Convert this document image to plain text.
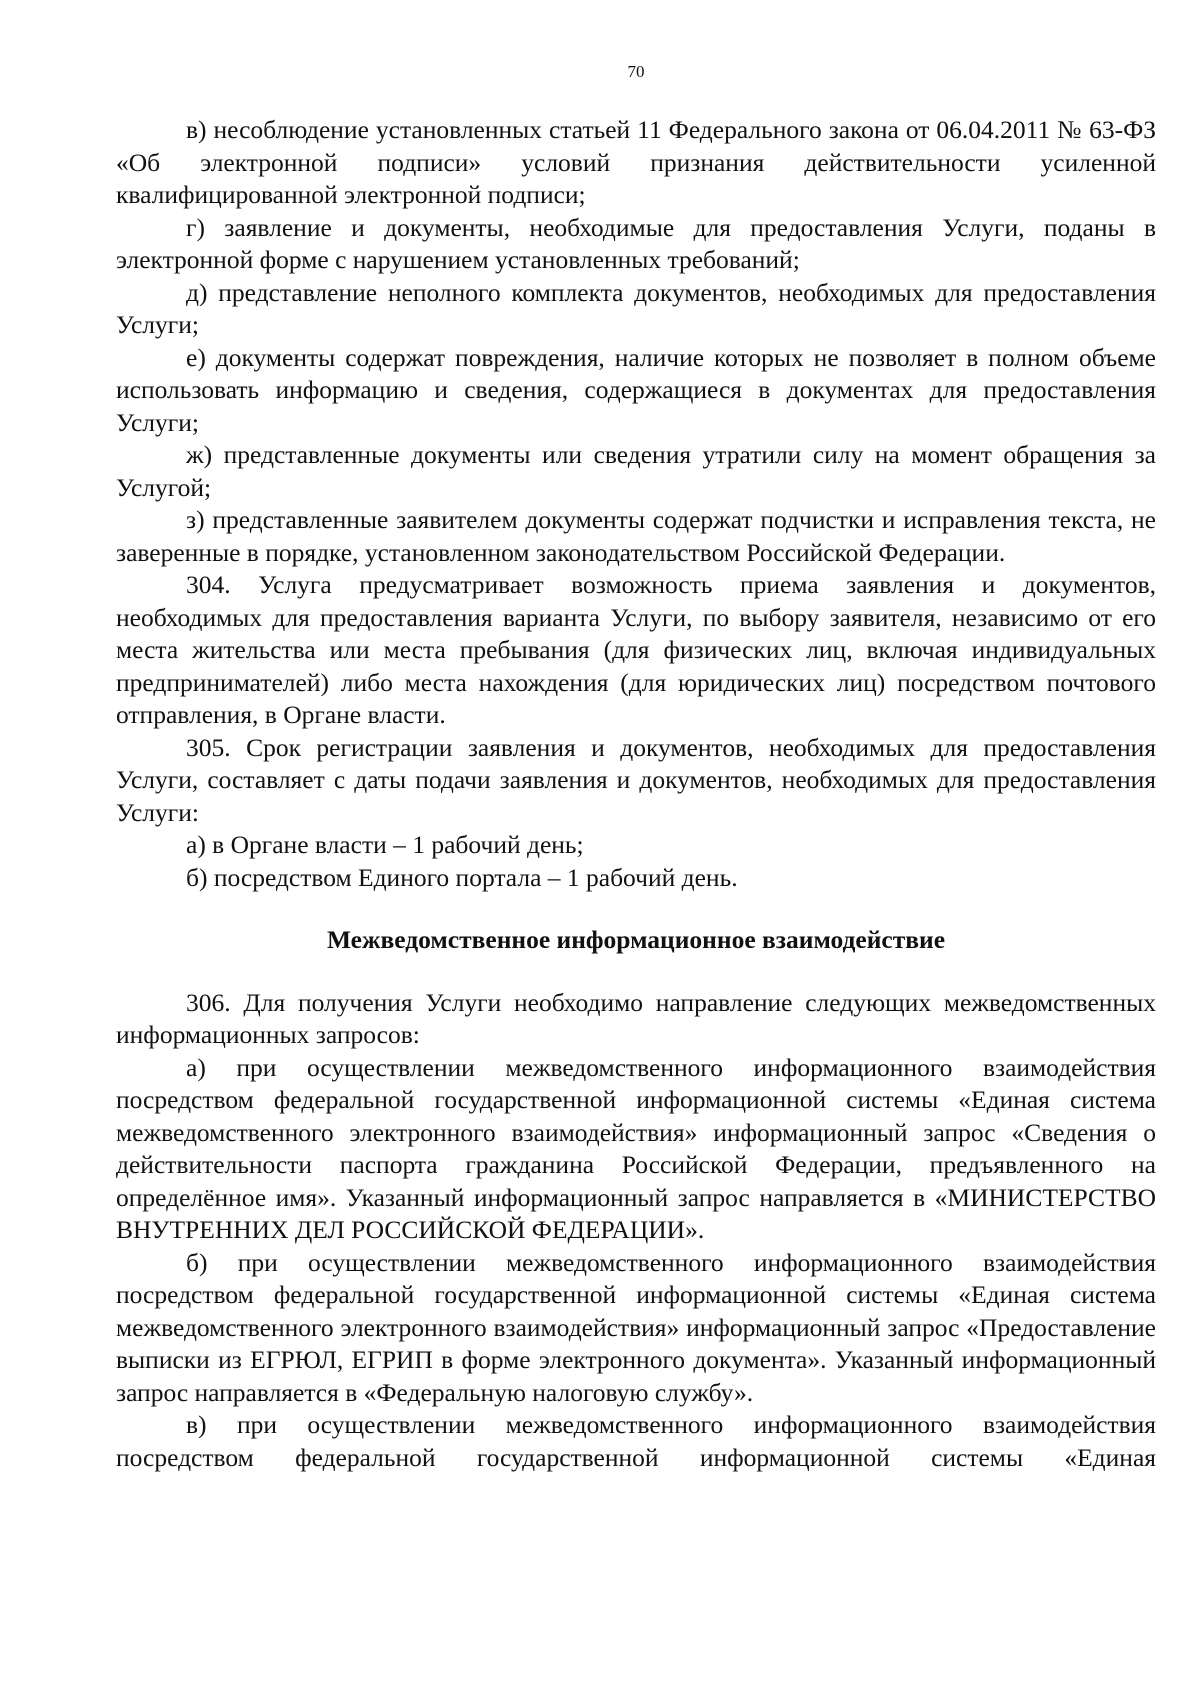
70

в) несоблюдение установленных статьей 11 Федерального закона от 06.04.2011 № 63-ФЗ «Об электронной подписи» условий признания действительности усиленной квалифицированной электронной подписи;

г) заявление и документы, необходимые для предоставления Услуги, поданы в электронной форме с нарушением установленных требований;

д) представление неполного комплекта документов, необходимых для предоставления Услуги;

е) документы содержат повреждения, наличие которых не позволяет в полном объеме использовать информацию и сведения, содержащиеся в документах для предоставления Услуги;

ж) представленные документы или сведения утратили силу на момент обращения за Услугой;

з) представленные заявителем документы содержат подчистки и исправления текста, не заверенные в порядке, установленном законодательством Российской Федерации.

304. Услуга предусматривает возможность приема заявления и документов, необходимых для предоставления варианта Услуги, по выбору заявителя, независимо от его места жительства или места пребывания (для физических лиц, включая индивидуальных предпринимателей) либо места нахождения (для юридических лиц) посредством почтового отправления, в Органе власти.

305. Срок регистрации заявления и документов, необходимых для предоставления Услуги, составляет с даты подачи заявления и документов, необходимых для предоставления Услуги:

а) в Органе власти – 1 рабочий день;

б) посредством Единого портала – 1 рабочий день.

Межведомственное информационное взаимодействие

306. Для получения Услуги необходимо направление следующих межведомственных информационных запросов:

а) при осуществлении межведомственного информационного взаимодействия посредством федеральной государственной информационной системы «Единая система межведомственного электронного взаимодействия» информационный запрос «Сведения о действительности паспорта гражданина Российской Федерации, предъявленного на определённое имя». Указанный информационный запрос направляется в «МИНИСТЕРСТВО ВНУТРЕННИХ ДЕЛ РОССИЙСКОЙ ФЕДЕРАЦИИ».

б) при осуществлении межведомственного информационного взаимодействия посредством федеральной государственной информационной системы «Единая система межведомственного электронного взаимодействия» информационный запрос «Предоставление выписки из ЕГРЮЛ, ЕГРИП в форме электронного документа». Указанный информационный запрос направляется в «Федеральную налоговую службу».

в) при осуществлении межведомственного информационного взаимодействия посредством федеральной государственной информационной системы «Единая
